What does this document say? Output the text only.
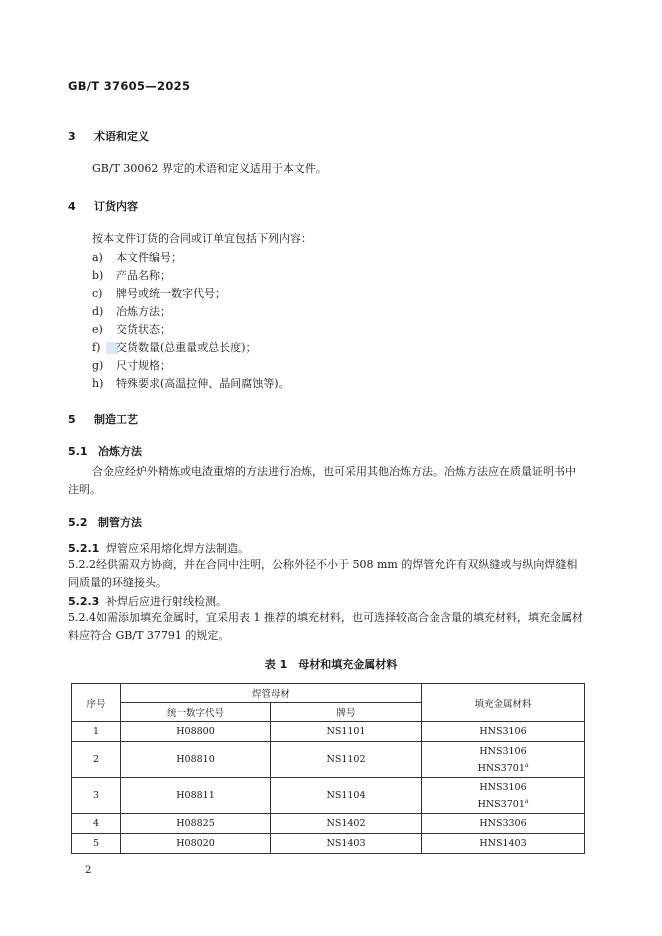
GB/T 37605—2025
3 术语和定义
GB/T 30062 界定的术语和定义适用于本文件。
4 订货内容
按本文件订货的合同或订单宜包括下列内容：
a) 本文件编号；
b) 产品名称；
c) 牌号或统一数字代号；
d) 冶炼方法；
e) 交货状态；
f) 交货数量(总重量或总长度)；
g) 尺寸规格；
h) 特殊要求(高温拉伸、晶间腐蚀等)。
5 制造工艺
5.1 冶炼方法
合金应经炉外精炼或电渣重熔的方法进行冶炼，也可采用其他冶炼方法。冶炼方法应在质量证明书中注明。
5.2 制管方法
5.2.1 焊管应采用熔化焊方法制造。
5.2.2经供需双方协商，并在合同中注明，公称外径不小于 508 mm 的焊管允许有双纵缝或与纵向焊缝相同质量的环缝接头。
5.2.3 补焊后应进行射线检测。
5.2.4如需添加填充金属时，宜采用表 1 推荐的填充材料，也可选择较高合金含量的填充材料，填充金属材料应符合 GB/T 37791 的规定。
表 1　母材和填充金属材料
序号	焊管母材		填充金属材料
	统一数字代号	牌号	
1	H08800	NS1101	HNS3106
2	H08810	NS1102	HNS3106
HNS3701$^a$

3	H08811	NS1104	HNS3106
HNS3701$^a$

4	H08825	NS1402	HNS3306
5	H08020	NS1403	HNS1403
2
